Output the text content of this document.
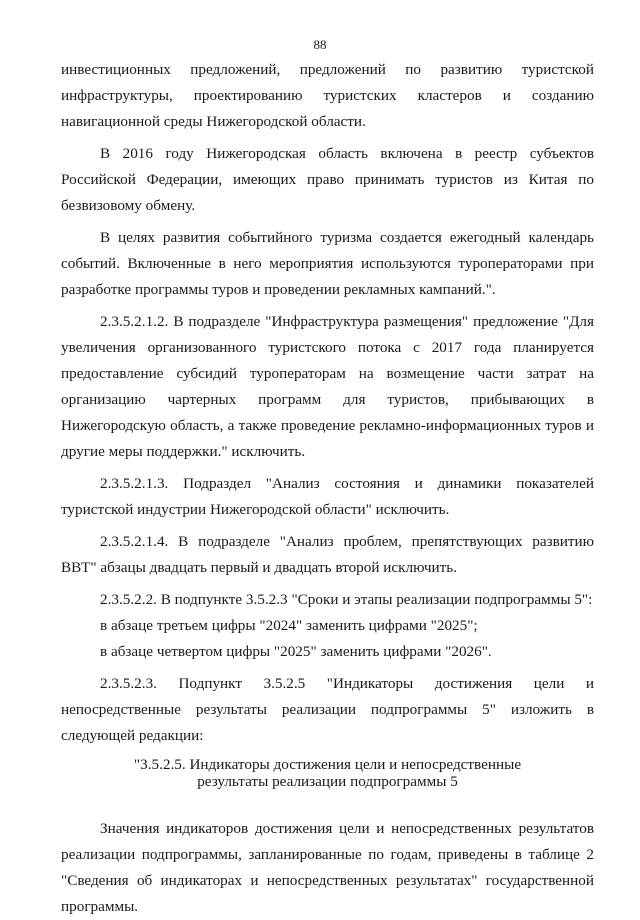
88

инвестиционных предложений, предложений по развитию туристской инфраструктуры, проектированию туристских кластеров и созданию навигационной среды Нижегородской области.

В 2016 году Нижегородская область включена в реестр субъектов Российской Федерации, имеющих право принимать туристов из Китая по безвизовому обмену.

В целях развития событийного туризма создается ежегодный календарь событий. Включенные в него мероприятия используются туроператорами при разработке программы туров и проведении рекламных кампаний.".

2.3.5.2.1.2. В подразделе "Инфраструктура размещения" предложение "Для увеличения организованного туристского потока с 2017 года планируется предоставление субсидий туроператорам на возмещение части затрат на организацию чартерных программ для туристов, прибывающих в Нижегородскую область, а также проведение рекламно-информационных туров и другие меры поддержки." исключить.

2.3.5.2.1.3. Подраздел "Анализ состояния и динамики показателей туристской индустрии Нижегородской области" исключить.

2.3.5.2.1.4. В подразделе "Анализ проблем, препятствующих развитию ВВТ" абзацы двадцать первый и двадцать второй исключить.

2.3.5.2.2. В подпункте 3.5.2.3 "Сроки и этапы реализации подпрограммы 5":

в абзаце третьем цифры "2024" заменить цифрами "2025";

в абзаце четвертом цифры "2025" заменить цифрами "2026".

2.3.5.2.3. Подпункт 3.5.2.5 "Индикаторы достижения цели и непосредственные результаты реализации подпрограммы 5" изложить в следующей редакции:

"3.5.2.5. Индикаторы достижения цели и непосредственные
результаты реализации подпрограммы 5

Значения индикаторов достижения цели и непосредственных результатов реализации подпрограммы, запланированные по годам, приведены в таблице 2 "Сведения об индикаторах и непосредственных результатах" государственной программы.
